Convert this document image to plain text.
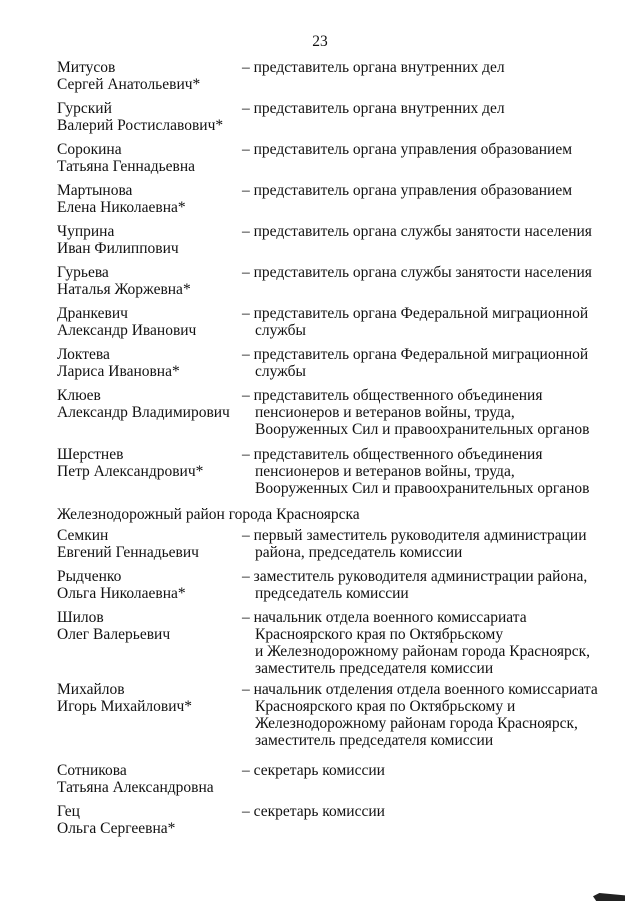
23
Митусов
Сергей Анатольевич*
– представитель органа внутренних дел
Гурский
Валерий Ростиславович*
– представитель органа внутренних дел
Сорокина
Татьяна Геннадьевна
– представитель органа управления образованием
Мартынова
Елена Николаевна*
– представитель органа управления образованием
Чуприна
Иван Филиппович
– представитель органа службы занятости населения
Гурьева
Наталья Жоржевна*
– представитель органа службы занятости населения
Дранкевич
Александр Иванович
– представитель органа Федеральной миграционной
службы
Локтева
Лариса Ивановна*
– представитель органа Федеральной миграционной
службы
Клюев
Александр Владимирович
– представитель общественного объединения
пенсионеров и ветеранов войны, труда,
Вооруженных Сил и правоохранительных органов
Шерстнев
Петр Александрович*
– представитель общественного объединения
пенсионеров и ветеранов войны, труда,
Вооруженных Сил и правоохранительных органов
Железнодорожный район города Красноярска
Семкин
Евгений Геннадьевич
– первый заместитель руководителя администрации
района, председатель комиссии
Рыдченко
Ольга Николаевна*
– заместитель руководителя администрации района,
председатель комиссии
Шилов
Олег Валерьевич
– начальник отдела военного комиссариата
Красноярского края по Октябрьскому
и Железнодорожному районам города Красноярск,
заместитель председателя комиссии
Михайлов
Игорь Михайлович*
– начальник отделения отдела военного комиссариата
Красноярского края по Октябрьскому и
Железнодорожному районам города Красноярск,
заместитель председателя комиссии
Сотникова
Татьяна Александровна
– секретарь комиссии
Гец
Ольга Сергеевна*
– секретарь комиссии
